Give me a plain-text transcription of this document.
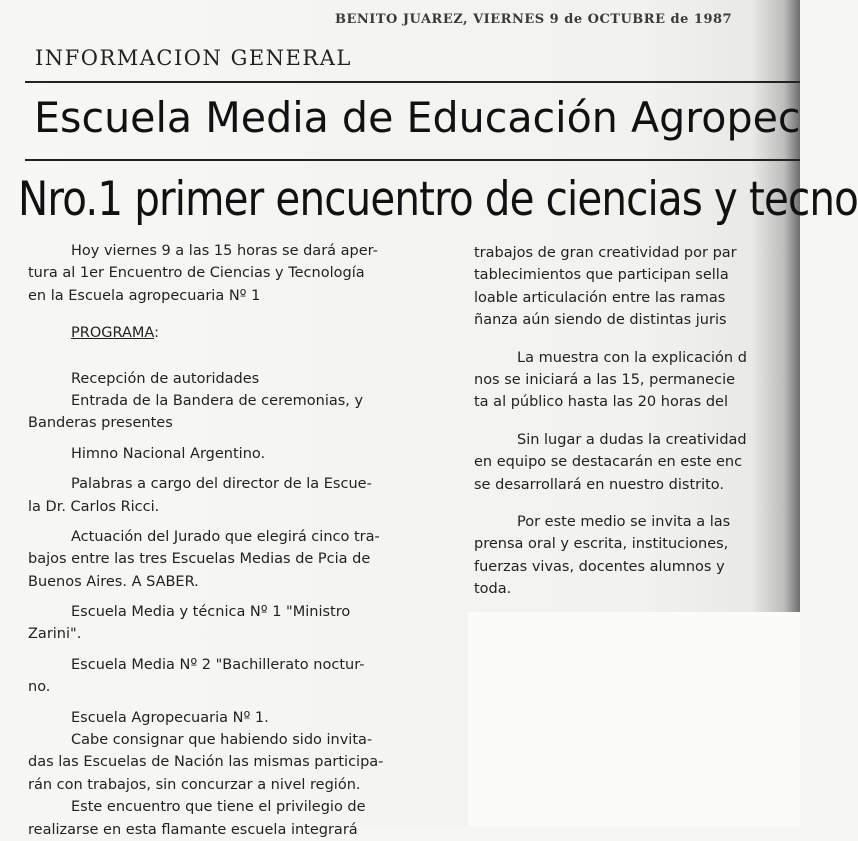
BENITO JUAREZ, VIERNES 9 de OCTUBRE de 1987
INFORMACION GENERAL
Escuela Media de Educación Agropec
Nro.1 primer encuentro de ciencias y tecno
Hoy viernes 9 a las 15 horas se dará aper-
tura al 1er Encuentro de Ciencias y Tecnología
en la Escuela agropecuaria Nº 1
PROGRAMA:
Recepción de autoridades
Entrada de la Bandera de ceremonias, y
Banderas presentes
Himno Nacional Argentino.
Palabras a cargo del director de la Escue-
la Dr. Carlos Ricci.
Actuación del Jurado que elegirá cinco tra-
bajos entre las tres Escuelas Medias de Pcia de
Buenos Aires. A SABER.
Escuela Media y técnica Nº 1 "Ministro
Zarini".
Escuela Media Nº 2 "Bachillerato noctur-
no.
Escuela Agropecuaria Nº 1.
Cabe consignar que habiendo sido invita-
das las Escuelas de Nación las mismas participa-
rán con trabajos, sin concurzar a nivel región.
Este encuentro que tiene el privilegio de
realizarse en esta flamante escuela integrará
trabajos de gran creatividad por par
tablecimientos que participan sella
loable articulación entre las ramas
ñanza aún siendo de distintas juris
La muestra con la explicación d
nos se iniciará a las 15, permanecie
ta al público hasta las 20 horas del
Sin lugar a dudas la creatividad
en equipo se destacarán en este enc
se desarrollará en nuestro distrito.
Por este medio se invita a las
prensa oral y escrita, instituciones,
fuerzas vivas, docentes alumnos y
toda.
